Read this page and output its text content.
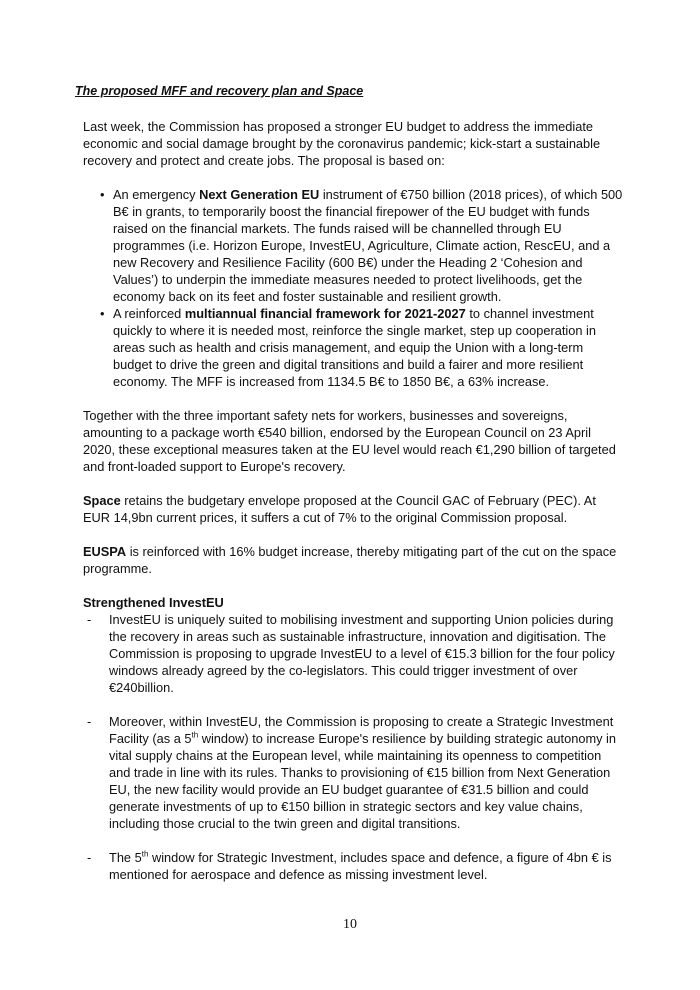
The proposed MFF and recovery plan and Space

Last week, the Commission has proposed a stronger EU budget to address the immediate economic and social damage brought by the coronavirus pandemic; kick-start a sustainable recovery and protect and create jobs. The proposal is based on:

• An emergency Next Generation EU instrument of €750 billion (2018 prices), of which 500 B€ in grants, to temporarily boost the financial firepower of the EU budget with funds raised on the financial markets. The funds raised will be channelled through EU programmes (i.e. Horizon Europe, InvestEU, Agriculture, Climate action, RescEU, and a new Recovery and Resilience Facility (600 B€) under the Heading 2 ‘Cohesion and Values’) to underpin the immediate measures needed to protect livelihoods, get the economy back on its feet and foster sustainable and resilient growth.
• A reinforced multiannual financial framework for 2021-2027 to channel investment quickly to where it is needed most, reinforce the single market, step up cooperation in areas such as health and crisis management, and equip the Union with a long-term budget to drive the green and digital transitions and build a fairer and more resilient economy. The MFF is increased from 1134.5 B€ to 1850 B€, a 63% increase.

Together with the three important safety nets for workers, businesses and sovereigns, amounting to a package worth €540 billion, endorsed by the European Council on 23 April 2020, these exceptional measures taken at the EU level would reach €1,290 billion of targeted and front-loaded support to Europe's recovery.

Space retains the budgetary envelope proposed at the Council GAC of February (PEC). At EUR 14,9bn current prices, it suffers a cut of 7% to the original Commission proposal.

EUSPA is reinforced with 16% budget increase, thereby mitigating part of the cut on the space programme.

Strengthened InvestEU

- InvestEU is uniquely suited to mobilising investment and supporting Union policies during the recovery in areas such as sustainable infrastructure, innovation and digitisation. The Commission is proposing to upgrade InvestEU to a level of €15.3 billion for the four policy windows already agreed by the co-legislators. This could trigger investment of over €240billion.
- Moreover, within InvestEU, the Commission is proposing to create a Strategic Investment Facility (as a 5th window) to increase Europe's resilience by building strategic autonomy in vital supply chains at the European level, while maintaining its openness to competition and trade in line with its rules. Thanks to provisioning of €15 billion from Next Generation EU, the new facility would provide an EU budget guarantee of €31.5 billion and could generate investments of up to €150 billion in strategic sectors and key value chains, including those crucial to the twin green and digital transitions.
- The 5th window for Strategic Investment, includes space and defence, a figure of 4bn € is mentioned for aerospace and defence as missing investment level.
10
